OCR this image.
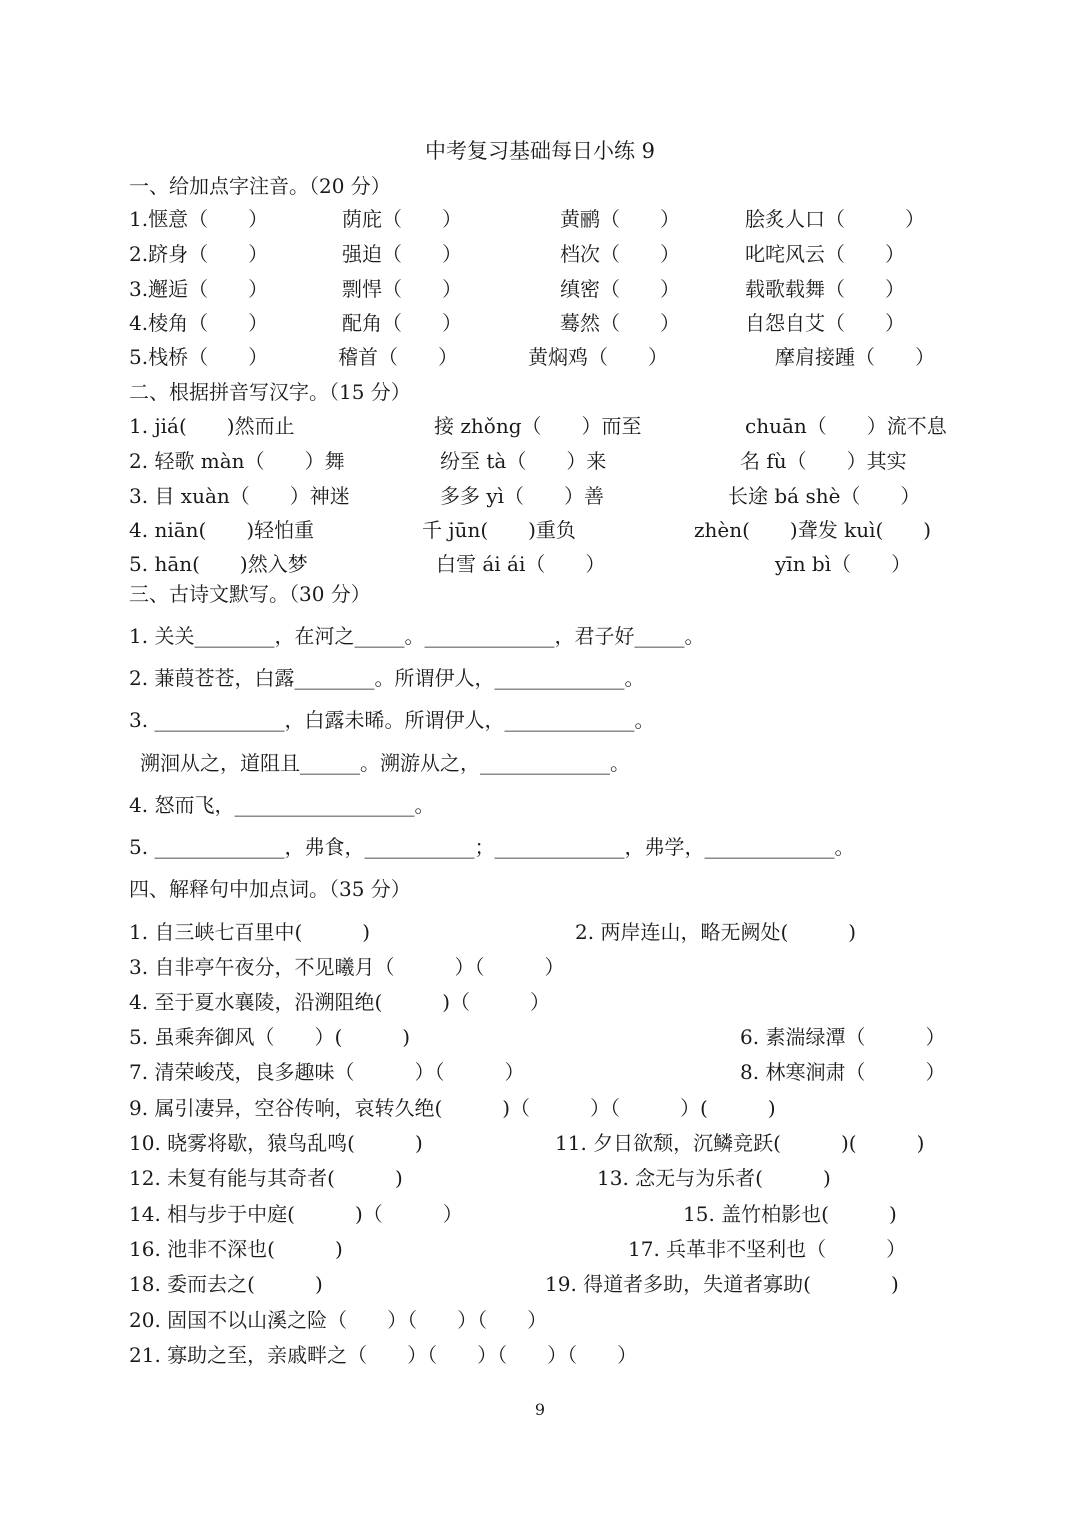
中考复习基础每日小练 9
一、给加点字注音。（20 分）
1.惬意（　　）	荫庇（　　）	黄鹂（　　）	脍炙人口（　　　）
2.跻身（　　）	强迫（　　）	档次（　　）	叱咤风云（　　）
3.邂逅（　　）	剽悍（　　）	缜密（　　）	载歌载舞（　　）
4.棱角（　　）	配角（　　）	蓦然（　　）	自怨自艾（　　）
5.栈桥（　　）	稽首（　　）	黄焖鸡（　　）	摩肩接踵（　　）
二、根据拼音写汉字。（15 分）
1. jiá(　　)然而止	接 zhǒng（　　）而至	chuān（　　）流不息
2. 轻歌 màn（　　）舞	纷至 tà（　　）来	名 fù（　　）其实
3. 目 xuàn（　　）神迷	多多 yì（　　）善	长途 bá shè（　　）
4. niān(　　)轻怕重	千 jūn(　　)重负	zhèn(　　)聋发 kuì(　　)
5. hān(　　)然入梦	白雪 ái ái（　　）	yīn bì（　　）
三、古诗文默写。（30 分）
1. 关关________，在河之_____。_____________，君子好_____。
2. 蒹葭苍苍，白露________。所谓伊人，_____________。
3. _____________，白露未晞。所谓伊人，_____________。
溯洄从之，道阻且______。溯游从之，_____________。
4. 怒而飞，__________________。
5. _____________，弗食，___________；_____________，弗学，_____________。
四、解释句中加点词。（35 分）
1. 自三峡七百里中(　　　)	2. 两岸连山，略无阙处(　　　)
3. 自非亭午夜分，不见曦月（　　　）（　　　）
4. 至于夏水襄陵，沿溯阻绝(　　　)（　　　）
5. 虽乘奔御风（　　）(　　　)	6. 素湍绿潭（　　　）
7. 清荣峻茂，良多趣味（　　　）（　　　）	8. 林寒涧肃（　　　）
9. 属引凄异，空谷传响，哀转久绝(　　　)（　　　）（　　　）(　　　)
10. 晓雾将歇，猿鸟乱鸣(　　　)	11. 夕日欲颓，沉鳞竞跃(　　　)(　　　)
12. 未复有能与其奇者(　　　)	13. 念无与为乐者(　　　)
14. 相与步于中庭(　　　)（　　　）	15. 盖竹柏影也(　　　)
16. 池非不深也(　　　)	17. 兵革非不坚利也（　　　）
18. 委而去之(　　　)	19. 得道者多助，失道者寡助(　　　　)
20. 固国不以山溪之险（　　）（　　）（　　）
21. 寡助之至，亲戚畔之（　　）（　　）（　　）（　　）
9
